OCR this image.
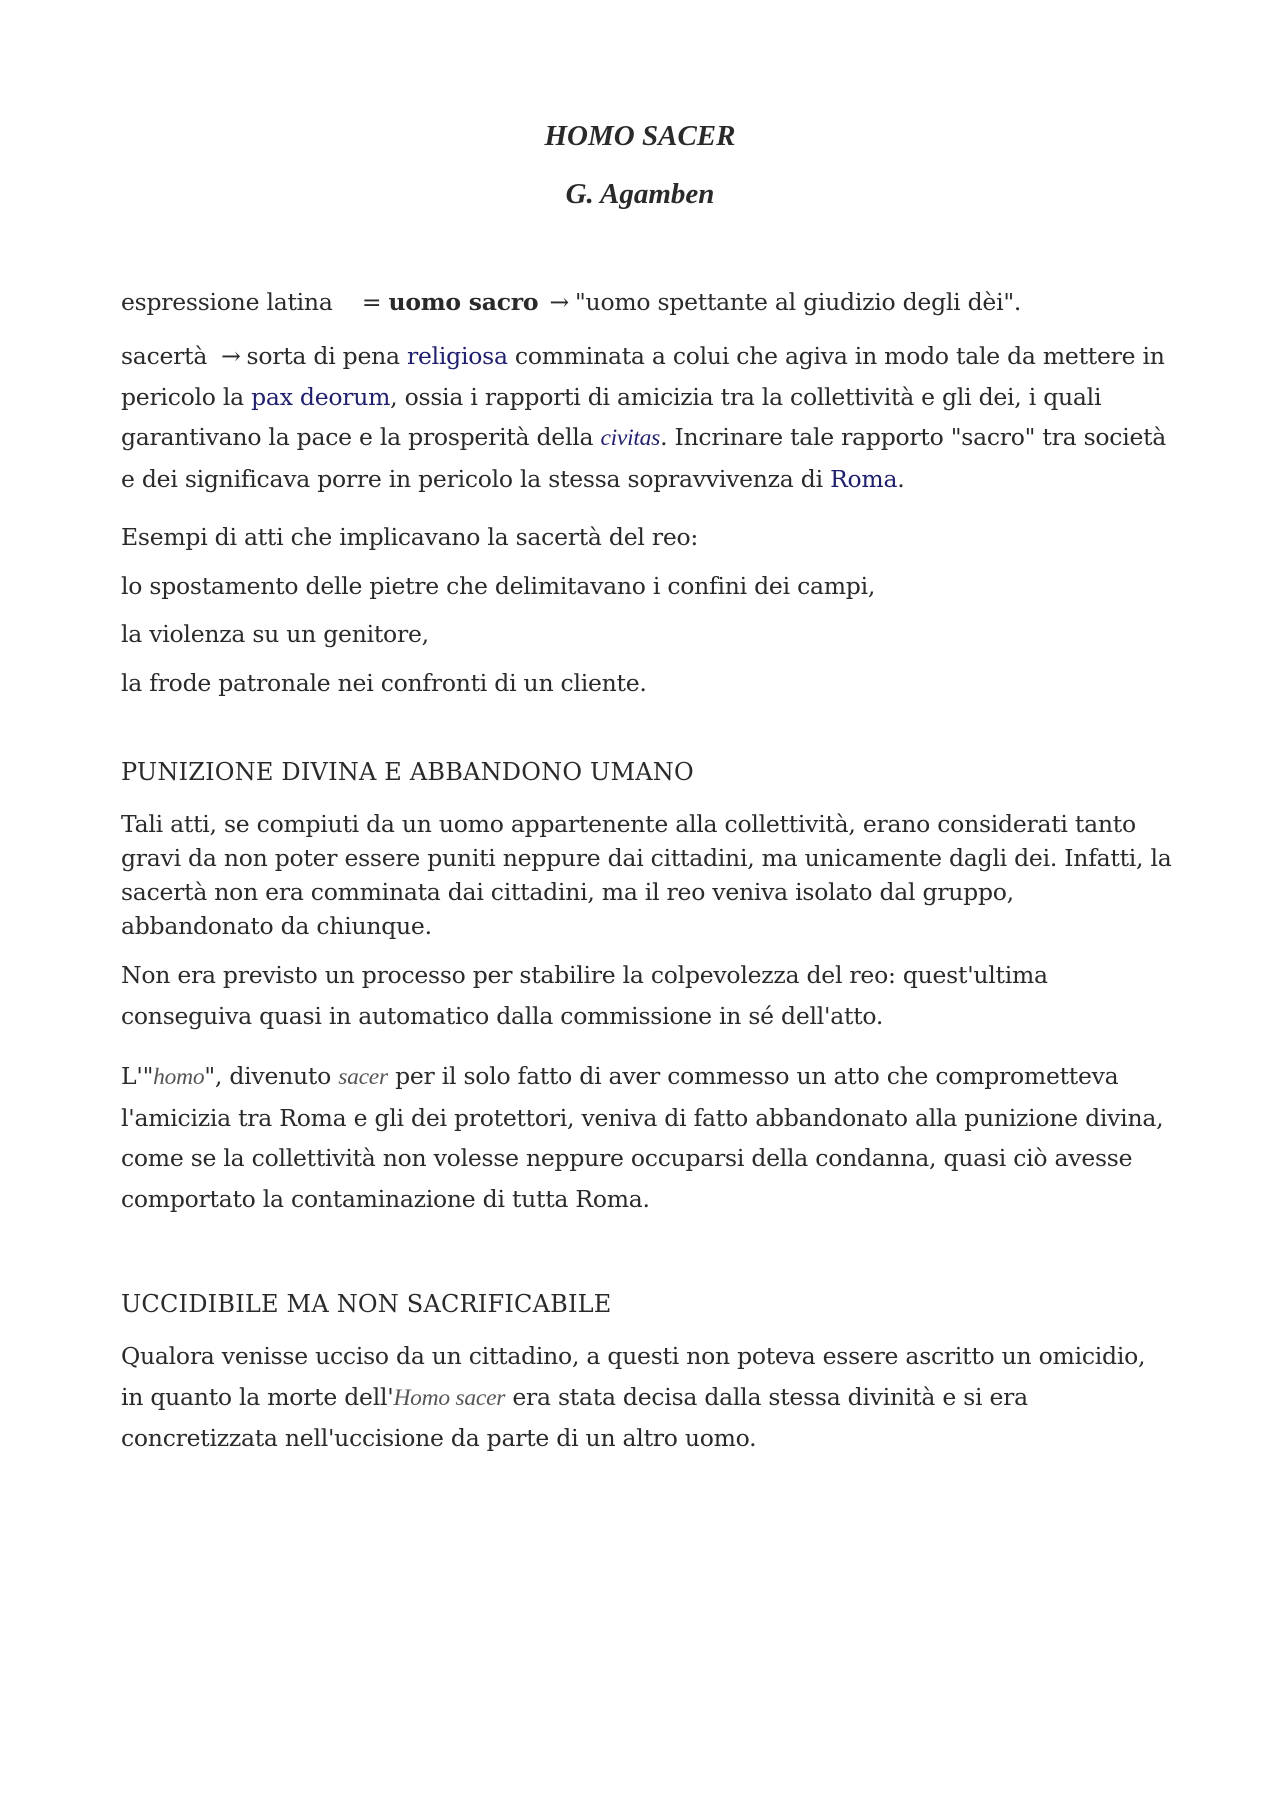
HOMO SACER
G. Agamben
espressione latina = uomo sacro → "uomo spettante al giudizio degli dèi".
sacertà → sorta di pena religiosa comminata a colui che agiva in modo tale da mettere in
pericolo la pax deorum, ossia i rapporti di amicizia tra la collettività e gli dei, i quali
garantivano la pace e la prosperità della civitas. Incrinare tale rapporto "sacro" tra società
e dei significava porre in pericolo la stessa sopravvivenza di Roma.
Esempi di atti che implicavano la sacertà del reo:
lo spostamento delle pietre che delimitavano i confini dei campi,
la violenza su un genitore,
la frode patronale nei confronti di un cliente.
PUNIZIONE DIVINA E ABBANDONO UMANO
Tali atti, se compiuti da un uomo appartenente alla collettività, erano considerati tanto
gravi da non poter essere puniti neppure dai cittadini, ma unicamente dagli dei. Infatti, la
sacertà non era comminata dai cittadini, ma il reo veniva isolato dal gruppo,
abbandonato da chiunque.
Non era previsto un processo per stabilire la colpevolezza del reo: quest'ultima
conseguiva quasi in automatico dalla commissione in sé dell'atto.
L'"homo", divenuto sacer per il solo fatto di aver commesso un atto che comprometteva
l'amicizia tra Roma e gli dei protettori, veniva di fatto abbandonato alla punizione divina,
come se la collettività non volesse neppure occuparsi della condanna, quasi ciò avesse
comportato la contaminazione di tutta Roma.
UCCIDIBILE MA NON SACRIFICABILE
Qualora venisse ucciso da un cittadino, a questi non poteva essere ascritto un omicidio,
in quanto la morte dell'Homo sacer era stata decisa dalla stessa divinità e si era
concretizzata nell'uccisione da parte di un altro uomo.
